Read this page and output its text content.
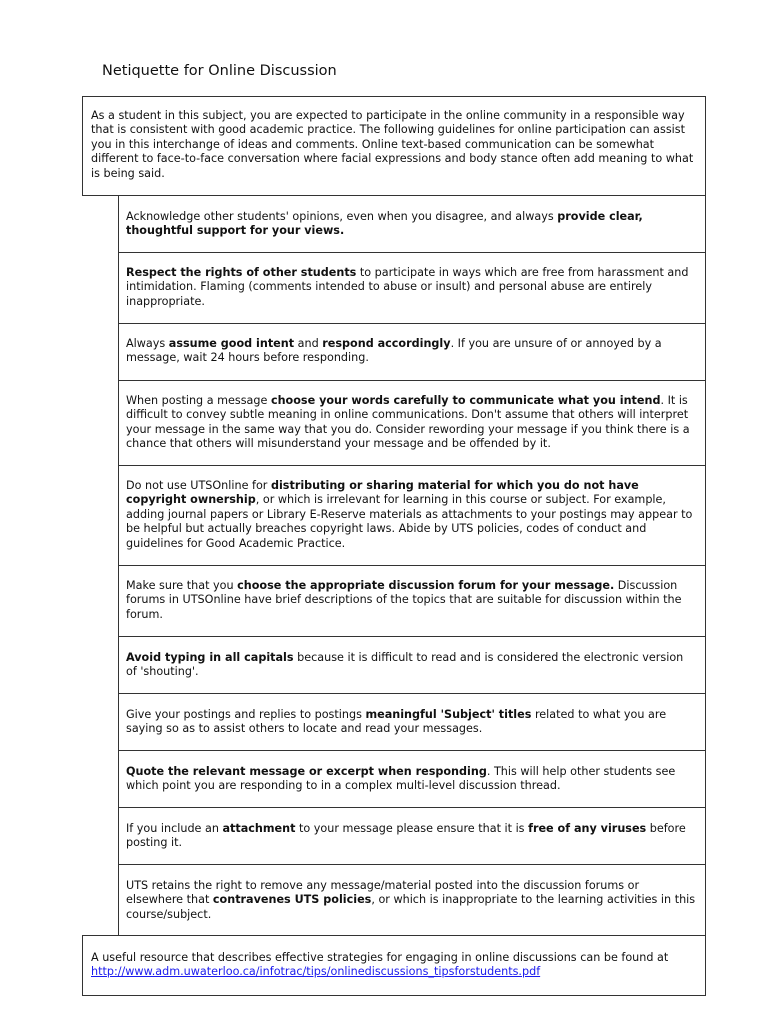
Netiquette for Online Discussion
As a student in this subject, you are expected to participate in the online community in a responsible way that is consistent with good academic practice. The following guidelines for online participation can assist you in this interchange of ideas and comments. Online text-based communication can be somewhat different to face-to-face conversation where facial expressions and body stance often add meaning to what is being said.
Acknowledge other students' opinions, even when you disagree, and always provide clear, thoughtful support for your views.
Respect the rights of other students to participate in ways which are free from harassment and intimidation. Flaming (comments intended to abuse or insult) and personal abuse are entirely inappropriate.
Always assume good intent and respond accordingly. If you are unsure of or annoyed by a message, wait 24 hours before responding.
When posting a message choose your words carefully to communicate what you intend. It is difficult to convey subtle meaning in online communications. Don't assume that others will interpret your message in the same way that you do. Consider rewording your message if you think there is a chance that others will misunderstand your message and be offended by it.
Do not use UTSOnline for distributing or sharing material for which you do not have copyright ownership, or which is irrelevant for learning in this course or subject. For example, adding journal papers or Library E-Reserve materials as attachments to your postings may appear to be helpful but actually breaches copyright laws. Abide by UTS policies, codes of conduct and guidelines for Good Academic Practice.
Make sure that you choose the appropriate discussion forum for your message. Discussion forums in UTSOnline have brief descriptions of the topics that are suitable for discussion within the forum.
Avoid typing in all capitals because it is difficult to read and is considered the electronic version of 'shouting'.
Give your postings and replies to postings meaningful 'Subject' titles related to what you are saying so as to assist others to locate and read your messages.
Quote the relevant message or excerpt when responding. This will help other students see which point you are responding to in a complex multi-level discussion thread.
If you include an attachment to your message please ensure that it is free of any viruses before posting it.
UTS retains the right to remove any message/material posted into the discussion forums or elsewhere that contravenes UTS policies, or which is inappropriate to the learning activities in this course/subject.
A useful resource that describes effective strategies for engaging in online discussions can be found at
http://www.adm.uwaterloo.ca/infotrac/tips/onlinediscussions_tipsforstudents.pdf
